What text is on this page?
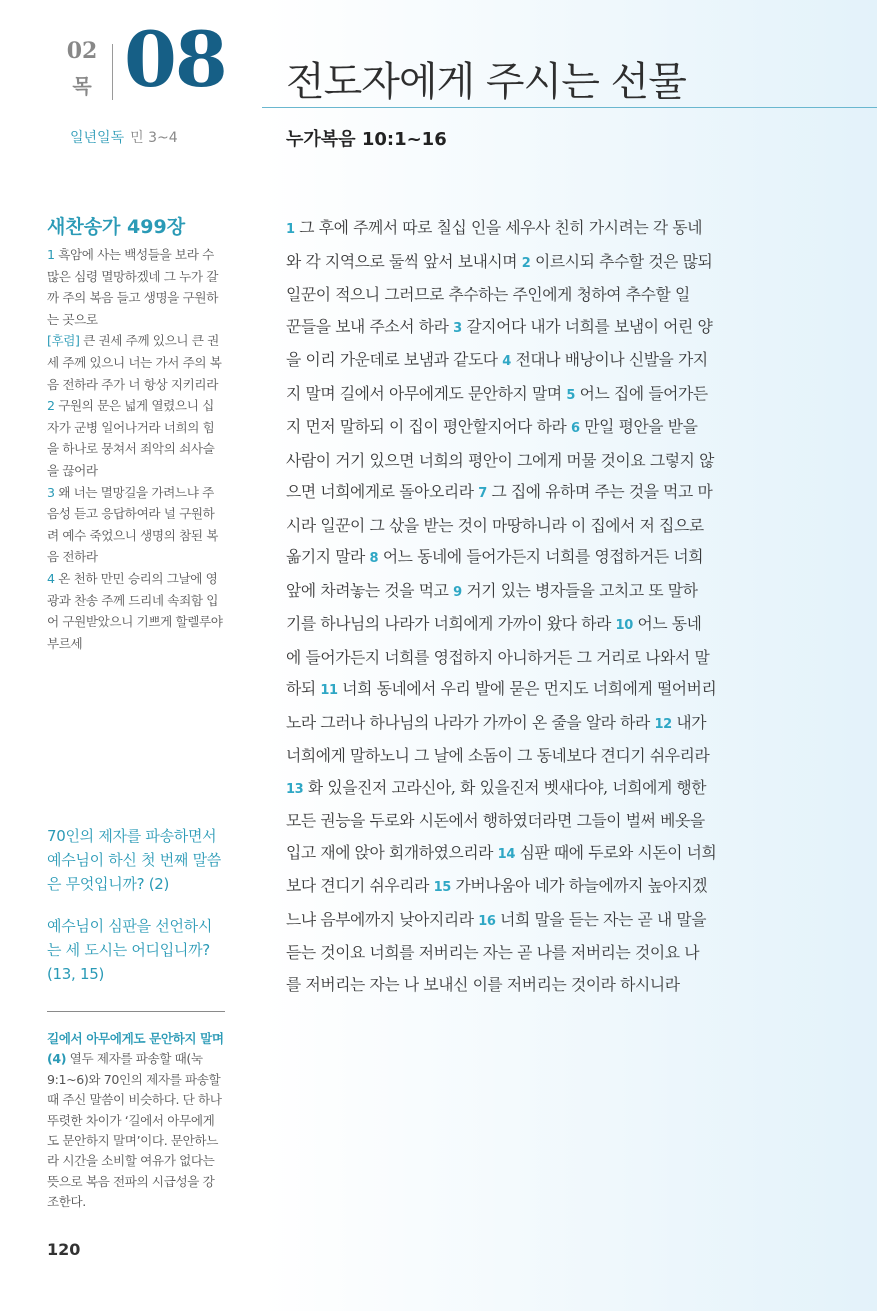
02
목 08 전도자에게 주시는 선물
일년일독 민 3~4	누가복음 10:1~16
새찬송가 499장
1 흑암에 사는 백성들을 보라 수많은 심령 멸망하겠네 그 누가 갈까 주의 복음 들고 생명을 구원하는 곳으로
[후렴] 큰 권세 주께 있으니 큰 권세 주께 있으니 너는 가서 주의 복음 전하라 주가 너 항상 지키리라
2 구원의 문은 넓게 열렸으니 십자가 군병 일어나거라 너희의 힘을 하나로 뭉쳐서 죄악의 쇠사슬을 끊어라
3 왜 너는 멸망길을 가려느냐 주 음성 듣고 응답하여라 널 구원하려 예수 죽었으니 생명의 참된 복음 전하라
4 온 천하 만민 승리의 그날에 영광과 찬송 주께 드리네 속죄함 입어 구원받았으니 기쁘게 할렐루야 부르세
70인의 제자를 파송하면서 예수님이 하신 첫 번째 말씀은 무엇입니까? (2)
예수님이 심판을 선언하시는 세 도시는 어디입니까? (13, 15)
길에서 아무에게도 문안하지 말며(4) 열두 제자를 파송할 때(눅 9:1~6)와 70인의 제자를 파송할 때 주신 말씀이 비슷하다. 단 하나 뚜렷한 차이가 ‘길에서 아무에게도 문안하지 말며’이다. 문안하느라 시간을 소비할 여유가 없다는 뜻으로 복음 전파의 시급성을 강조한다.
120
1 그 후에 주께서 따로 칠십 인을 세우사 친히 가시려는 각 동네
와 각 지역으로 둘씩 앞서 보내시며 2 이르시되 추수할 것은 많되
일꾼이 적으니 그러므로 추수하는 주인에게 청하여 추수할 일
꾼들을 보내 주소서 하라 3 갈지어다 내가 너희를 보냄이 어린 양
을 이리 가운데로 보냄과 같도다 4 전대나 배낭이나 신발을 가지
지 말며 길에서 아무에게도 문안하지 말며 5 어느 집에 들어가든
지 먼저 말하되 이 집이 평안할지어다 하라 6 만일 평안을 받을
사람이 거기 있으면 너희의 평안이 그에게 머물 것이요 그렇지 않
으면 너희에게로 돌아오리라 7 그 집에 유하며 주는 것을 먹고 마
시라 일꾼이 그 삯을 받는 것이 마땅하니라 이 집에서 저 집으로
옮기지 말라 8 어느 동네에 들어가든지 너희를 영접하거든 너희
앞에 차려놓는 것을 먹고 9 거기 있는 병자들을 고치고 또 말하
기를 하나님의 나라가 너희에게 가까이 왔다 하라 10 어느 동네
에 들어가든지 너희를 영접하지 아니하거든 그 거리로 나와서 말
하되 11 너희 동네에서 우리 발에 묻은 먼지도 너희에게 떨어버리
노라 그러나 하나님의 나라가 가까이 온 줄을 알라 하라 12 내가
너희에게 말하노니 그 날에 소돔이 그 동네보다 견디기 쉬우리라
13 화 있을진저 고라신아, 화 있을진저 벳새다야, 너희에게 행한
모든 권능을 두로와 시돈에서 행하였더라면 그들이 벌써 베옷을
입고 재에 앉아 회개하였으리라 14 심판 때에 두로와 시돈이 너희
보다 견디기 쉬우리라 15 가버나움아 네가 하늘에까지 높아지겠
느냐 음부에까지 낮아지리라 16 너희 말을 듣는 자는 곧 내 말을
듣는 것이요 너희를 저버리는 자는 곧 나를 저버리는 것이요 나
를 저버리는 자는 나 보내신 이를 저버리는 것이라 하시니라
